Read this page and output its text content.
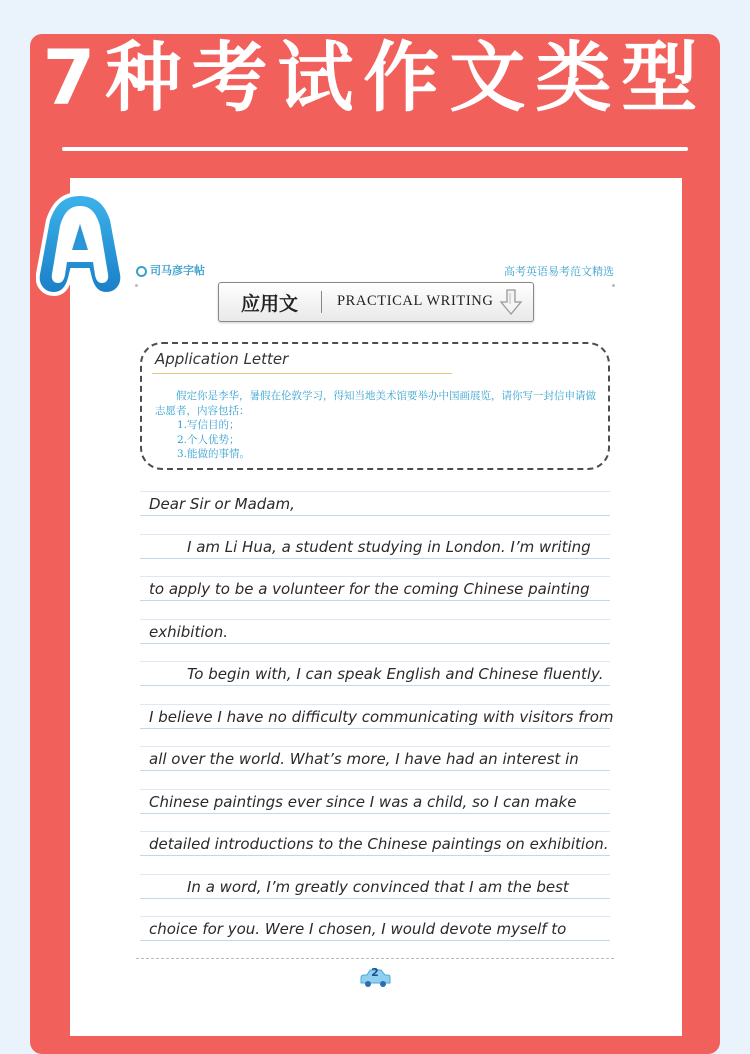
7种考试作文类型
司马彦字帖	高考英语易考范文精选
应用文	PRACTICAL WRITING
Application Letter
假定你是李华，暑假在伦敦学习，得知当地美术馆要举办中国画展览，请你写一封信申请做志愿者，内容包括：
1.写信目的；
2.个人优势；
3.能做的事情。
Dear Sir or Madam,
I am Li Hua, a student studying in London. I’m writing
to apply to be a volunteer for the coming Chinese painting
exhibition.
To begin with, I can speak English and Chinese fluently.
I believe I have no difficulty communicating with visitors from
all over the world. What’s more, I have had an interest in
Chinese paintings ever since I was a child, so I can make
detailed introductions to the Chinese paintings on exhibition.
In a word, I’m greatly convinced that I am the best
choice for you. Were I chosen, I would devote myself to
2
